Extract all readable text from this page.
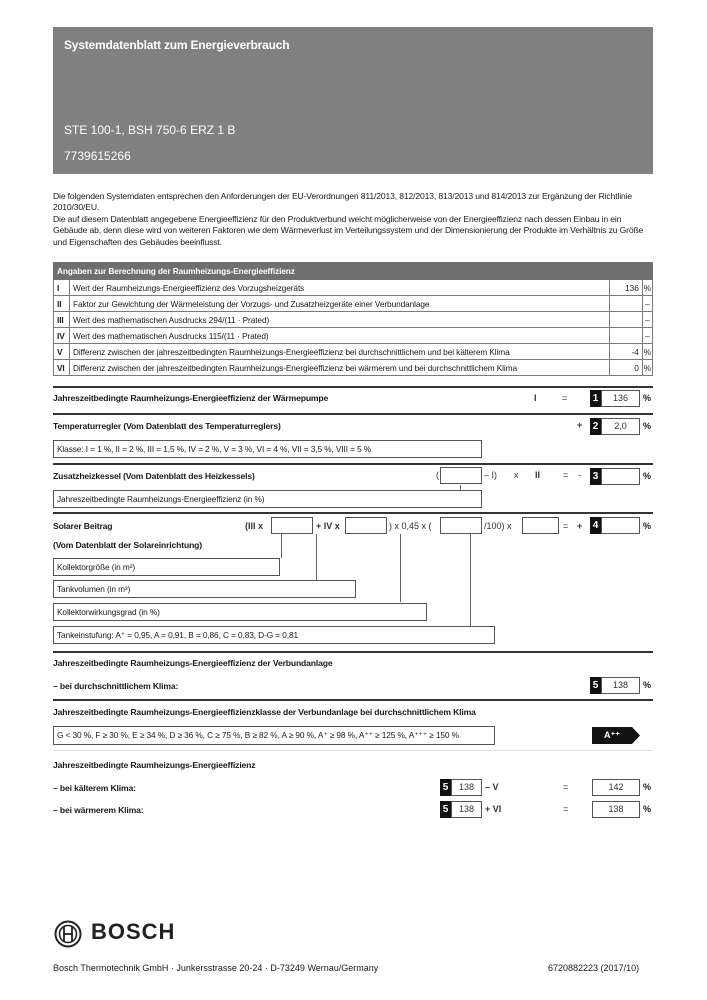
Systemdatenblatt zum Energieverbrauch
STE 100-1, BSH 750-6 ERZ 1 B
7739615266

Die folgenden Systemdaten entsprechen den Anforderungen der EU-Verordnungen 811/2013, 812/2013, 813/2013 und 814/2013 zur Ergänzung der Richtlinie 2010/30/EU.

Die auf diesem Datenblatt angegebene Energieeffizienz für den Produktverbund weicht möglicherweise von der Energieeffizienz nach dessen Einbau in ein Gebäude ab, denn diese wird von weiteren Faktoren wie dem Wärmeverlust im Verteilungssystem und der Dimensionierung der Produkte im Verhältnis zu Größe und Eigenschaften des Gebäudes beeinflusst.

Angaben zur Berechnung der Raumheizungs-Energieeffizienz			
I	Wert der Raumheizungs-Energieeffizienz des Vorzugsheizgeräts	136	%
II	Faktor zur Gewichtung der Wärmeleistung der Vorzugs- und Zusatzheizgeräte einer Verbundanlage		–
III	Wert des mathematischen Ausdrucks 294/(11 · Prated)		–
IV	Wert des mathematischen Ausdrucks 115/(11 · Prated)		–
V	Differenz zwischen der jahreszeitbedingten Raumheizungs-Energieeffizienz bei durchschnittlichem und bei kälterem Klima	-4	%
VI	Differenz zwischen der jahreszeitbedingten Raumheizungs-Energieeffizienz bei wärmerem und bei durchschnittlichem Klima	0	%
Jahreszeitbedingte Raumheizungs-Energieeffizienz der Wärmepumpe	I	=	1	136	%
Temperaturregler (Vom Datenblatt des Temperaturreglers)	+ 2	2,0	%
Klasse: I = 1 %, II = 2 %, III = 1,5 %, IV = 2 %, V = 3 %, VI = 4 %, VII = 3,5 %, VIII = 5 %
Zusatzheizkessel (Vom Datenblatt des Heizkessels)	(	– I) x II	= - 3	%
Jahreszeitbedingte Raumheizungs-Energieeffizienz (in %)
Solarer Beitrag
(Vom Datenblatt der Solareinrichtung)
(III x	+ IV x	) x 0,45 x (	/100) x	= + 4	%
Kollektorgröße (in m²)
Tankvolumen (in m³)
Kollektorwirkungsgrad (in %)
Tankeinstufung: A⁺ = 0,95, A = 0,91, B = 0,86, C = 0,83, D-G = 0,81
Jahreszeitbedingte Raumheizungs-Energieeffizienz der Verbundanlage
– bei durchschnittlichem Klima:	5	138	%
Jahreszeitbedingte Raumheizungs-Energieeffizienzklasse der Verbundanlage bei durchschnittlichem Klima
G < 30 %, F ≥ 30 %, E ≥ 34 %, D ≥ 36 %, C ≥ 75 %, B ≥ 82 %, A ≥ 90 %, A⁺ ≥ 98 %, A⁺⁺ ≥ 125 %, A⁺⁺⁺ ≥ 150 %	A⁺⁺
Jahreszeitbedingte Raumheizungs-Energieeffizienz
– bei kälterem Klima:	5	138	– V	=	142	%
– bei wärmerem Klima:	5	138	+ VI	=	138	%
BOSCH
Bosch Thermotechnik GmbH · Junkersstrasse 20-24 · D-73249 Wernau/Germany	6720882223 (2017/10)
